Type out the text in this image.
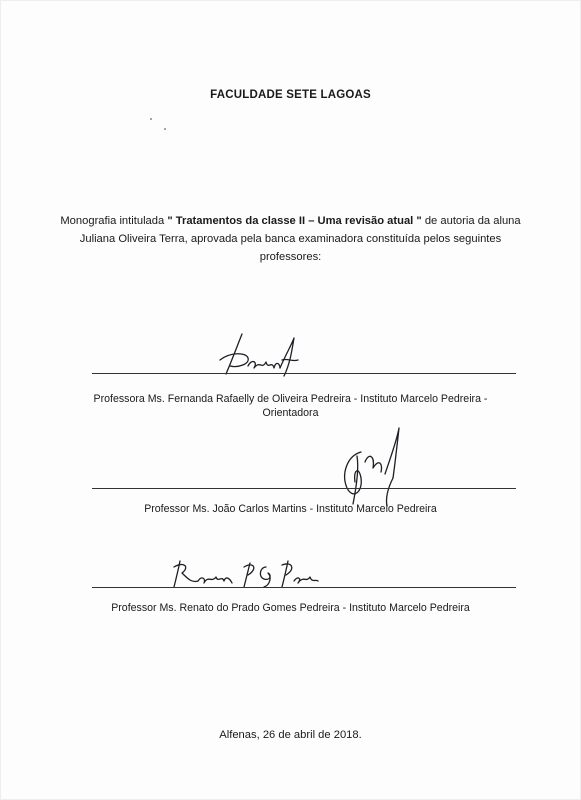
FACULDADE SETE LAGOAS
Monografia intitulada " Tratamentos da classe II – Uma revisão atual " de autoria da aluna Juliana Oliveira Terra, aprovada pela banca examinadora constituída pelos seguintes professores:
Professora Ms. Fernanda Rafaelly de Oliveira Pedreira - Instituto Marcelo Pedreira -
Orientadora
Professor Ms. João Carlos Martins - Instituto Marcelo Pedreira
Professor Ms. Renato do Prado Gomes Pedreira - Instituto Marcelo Pedreira
Alfenas, 26 de abril de 2018.
